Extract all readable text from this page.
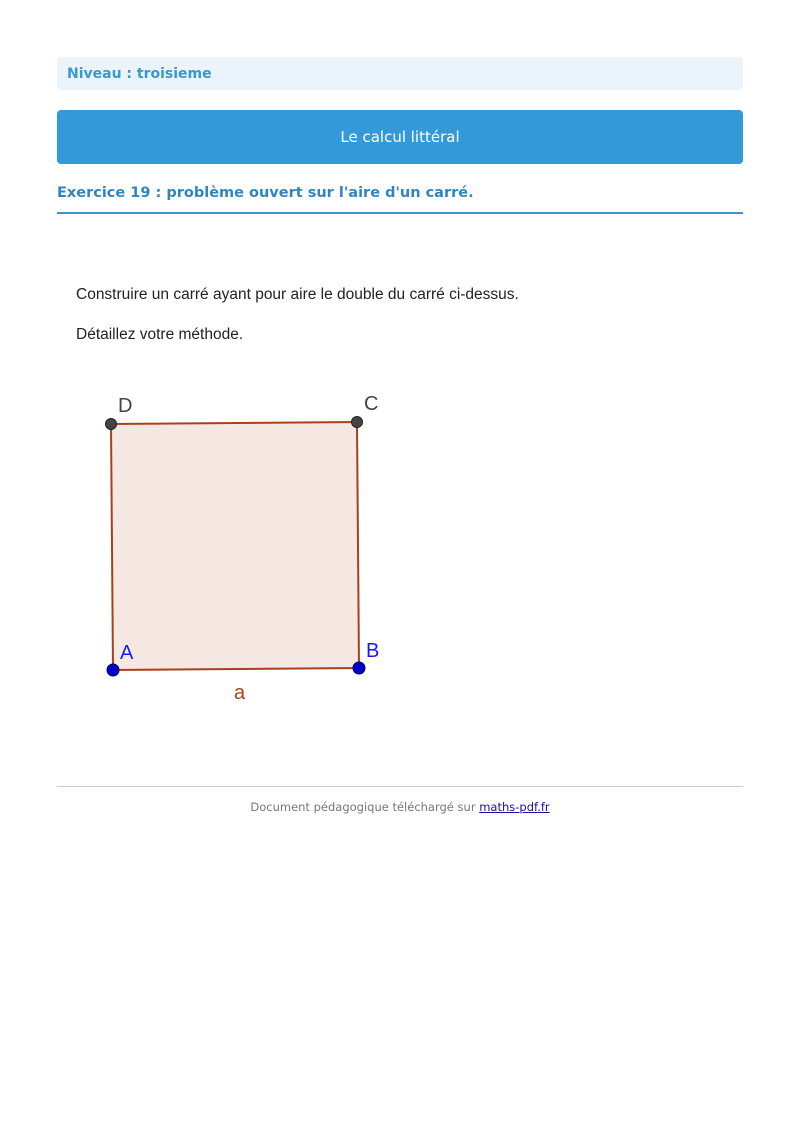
Niveau : troisieme
Le calcul littéral
Exercice 19 : problème ouvert sur l'aire d'un carré.
Construire un carré ayant pour aire le double du carré ci-dessus.
Détaillez votre méthode.
D	C
A	B
a
Document pédagogique téléchargé sur maths-pdf.fr
